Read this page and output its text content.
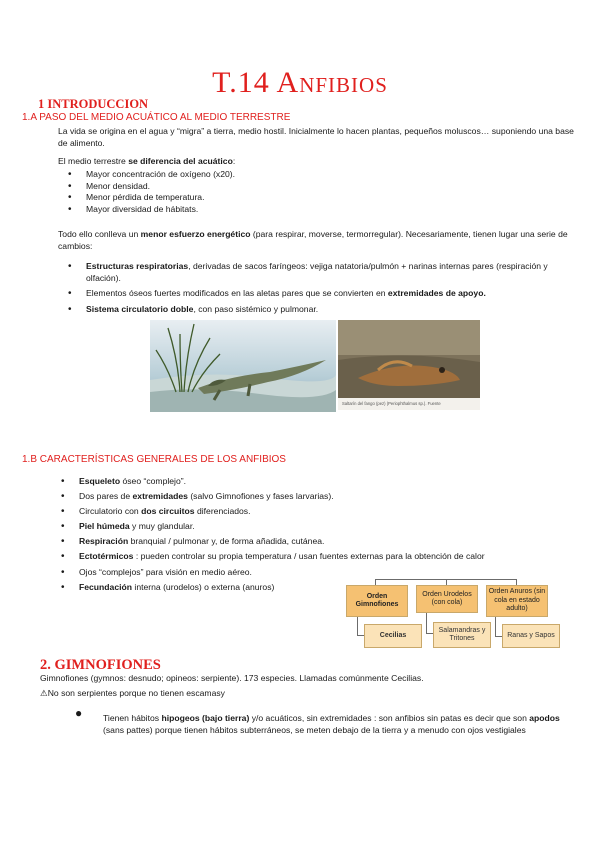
T.14 Anfibios
1 INTRODUCCION
1.A PASO DEL MEDIO ACUÁTICO AL MEDIO TERRESTRE
La vida se origina en el agua y “migra” a tierra, medio hostil. Inicialmente lo hacen plantas, pequeños moluscos… suponiendo una base de alimento.
El medio terrestre se diferencia del acuático:
• Mayor concentración de oxígeno (x20).
• Menor densidad.
• Menor pérdida de temperatura.
• Mayor diversidad de hábitats.
Todo ello conlleva un menor esfuerzo energético (para respirar, moverse, termorregular). Necesariamente, tienen lugar una serie de cambios:
• Estructuras respiratorias, derivadas de sacos faríngeos: vejiga natatoria/pulmón + narinas internas pares (respiración y olfación).
• Elementos óseos fuertes modificados en las aletas pares que se convierten en extremidades de apoyo.
• Sistema circulatorio doble, con paso sistémico y pulmonar.
Saltarín del fango (pez) (Periophthalmus sp.). Fuente
1.B CARACTERÍSTICAS GENERALES DE LOS ANFIBIOS
• Esqueleto óseo “complejo”.
• Dos pares de extremidades (salvo Gimnofiones y fases larvarias).
• Circulatorio con dos circuitos diferenciados.
• Piel húmeda y muy glandular.
• Respiración branquial / pulmonar y, de forma añadida, cutánea.
• Ectotérmicos : pueden controlar su propia temperatura / usan fuentes externas para la obtención de calor
• Ojos “complejos” para visión en medio aéreo.
• Fecundación interna (urodelos) o externa (anuros)
Orden Gimnofiones
Orden Urodelos (con cola)
Orden Anuros (sin cola en estado adulto)
Cecilias
Salamandras y Tritones	Ranas y Sapos
2. GIMNOFIONES
Gimnofiones (gymnos: desnudo; opineos: serpiente). 173 especies. Llamadas comúnmente Cecilias.
⚠No son serpientes porque no tienen escamasy
● Tienen hábitos hipogeos (bajo tierra) y/o acuáticos, sin extremidades : son anfibios sin patas es decir que son apodos (sans pattes) porque tienen hábitos subterráneos, se meten debajo de la tierra y a menudo con ojos vestigiales
